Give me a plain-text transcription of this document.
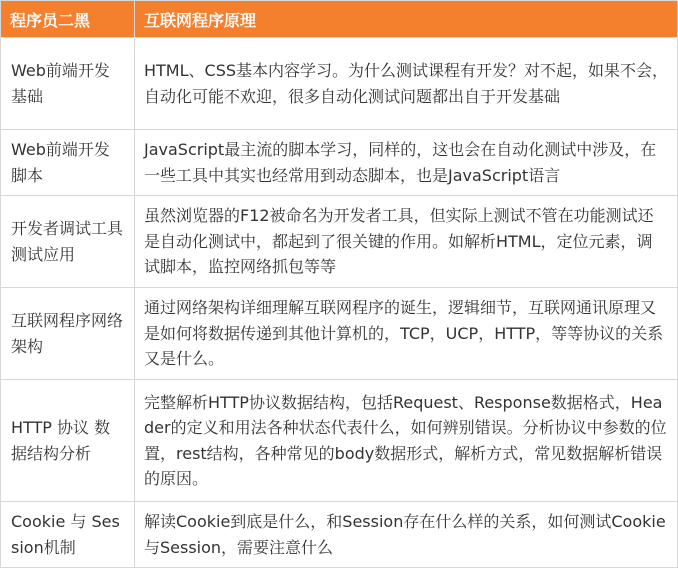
程序员二黑	互联网程序原理
Web前端开发基础	HTML、CSS基本内容学习。为什么测试课程有开发？对不起，如果不会，自动化可能不欢迎，很多自动化测试问题都出自于开发基础
Web前端开发脚本	JavaScript最主流的脚本学习，同样的，这也会在自动化测试中涉及，在一些工具中其实也经常用到动态脚本，也是JavaScript语言
开发者调试工具测试应用	虽然浏览器的F12被命名为开发者工具，但实际上测试不管在功能测试还是自动化测试中，都起到了很关键的作用。如解析HTML，定位元素，调试脚本，监控网络抓包等等
互联网程序网络架构	通过网络架构详细理解互联网程序的诞生，逻辑细节，互联网通讯原理又是如何将数据传递到其他计算机的，TCP，UCP，HTTP，等等协议的关系又是什么。
HTTP 协议 数据结构分析	完整解析HTTP协议数据结构，包括Request、Response数据格式，Header的定义和用法各种状态代表什么，如何辨别错误。分析协议中参数的位置，rest结构，各种常见的body数据形式，解析方式，常见数据解析错误的原因。
Cookie 与 Session机制	解读Cookie到底是什么，和Session存在什么样的关系，如何测试Cookie与Session，需要注意什么
